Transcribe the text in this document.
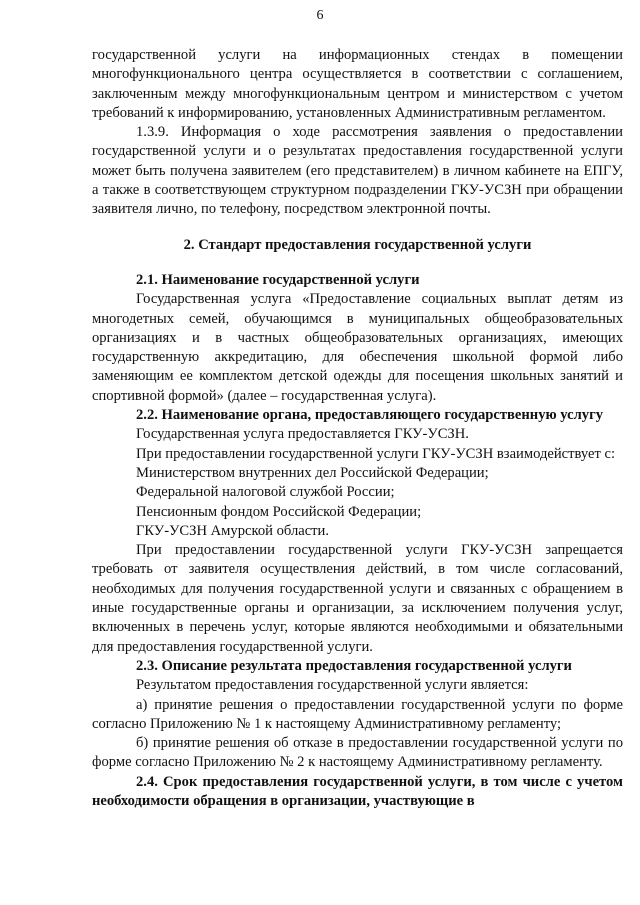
6

государственной услуги на информационных стендах в помещении многофункционального центра осуществляется в соответствии с соглашением, заключенным между многофункциональным центром и министерством с учетом требований к информированию, установленных Административным регламентом.

1.3.9. Информация о ходе рассмотрения заявления о предоставлении государственной услуги и о результатах предоставления государственной услуги может быть получена заявителем (его представителем) в личном кабинете на ЕПГУ, а также в соответствующем структурном подразделении ГКУ-УСЗН при обращении заявителя лично, по телефону, посредством электронной почты.

2. Стандарт предоставления государственной услуги

2.1. Наименование государственной услуги

Государственная услуга «Предоставление социальных выплат детям из многодетных семей, обучающимся в муниципальных общеобразовательных организациях и в частных общеобразовательных организациях, имеющих государственную аккредитацию, для обеспечения школьной формой либо заменяющим ее комплектом детской одежды для посещения школьных занятий и спортивной формой» (далее – государственная услуга).

2.2. Наименование органа, предоставляющего государственную услугу

Государственная услуга предоставляется ГКУ-УСЗН.

При предоставлении государственной услуги ГКУ-УСЗН взаимодействует с:

Министерством внутренних дел Российской Федерации;

Федеральной налоговой службой России;

Пенсионным фондом Российской Федерации;

ГКУ-УСЗН Амурской области.

При предоставлении государственной услуги ГКУ-УСЗН запрещается требовать от заявителя осуществления действий, в том числе согласований, необходимых для получения государственной услуги и связанных с обращением в иные государственные органы и организации, за исключением получения услуг, включенных в перечень услуг, которые являются необходимыми и обязательными для предоставления государственной услуги.

2.3. Описание результата предоставления государственной услуги

Результатом предоставления государственной услуги является:

а) принятие решения о предоставлении государственной услуги по форме согласно Приложению № 1 к настоящему Административному регламенту;

б) принятие решения об отказе в предоставлении государственной услуги по форме согласно Приложению № 2 к настоящему Административному регламенту.

2.4. Срок предоставления государственной услуги, в том числе с учетом необходимости обращения в организации, участвующие в
